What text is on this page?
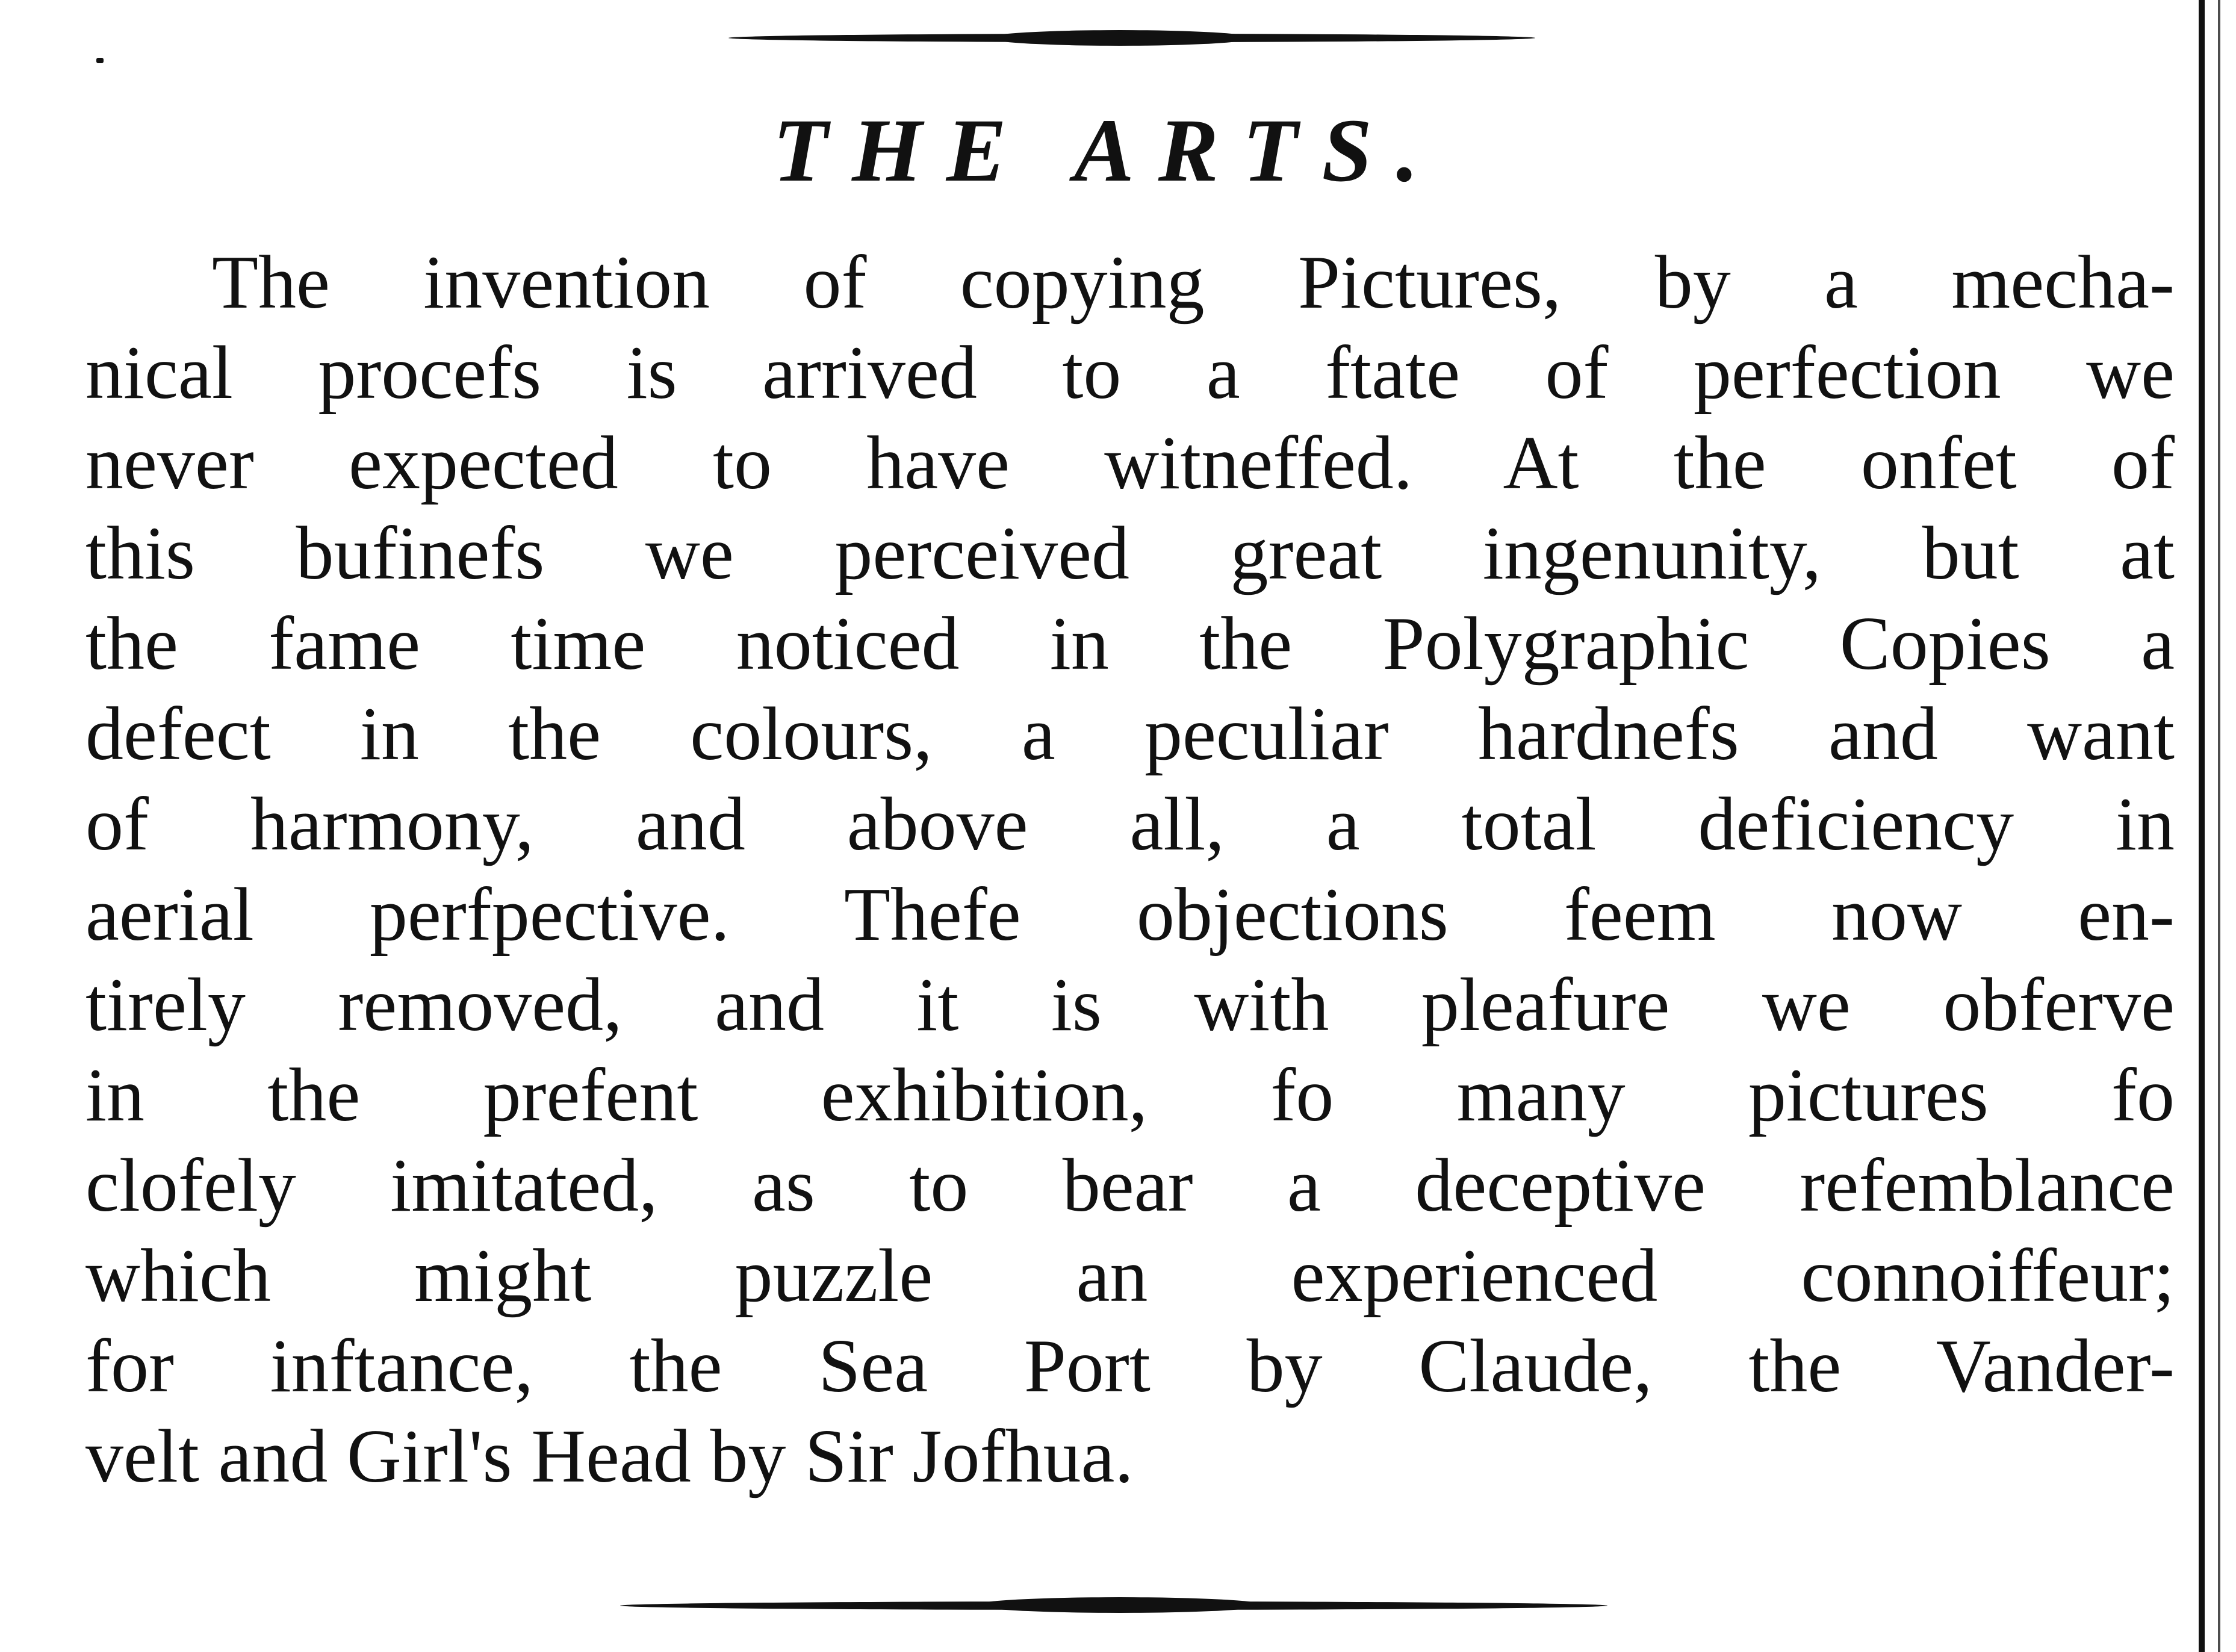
THE ARTS.
The invention of copying Pictures, by a mecha-
nical procefs is arrived to a ftate of perfection we
never expected to have witneffed. At the onfet of
this bufinefs we perceived great ingenunity, but at
the fame time noticed in the Polygraphic Copies a
defect in the colours, a peculiar hardnefs and want
of harmony, and above all, a total deficiency in
aerial perfpective. Thefe objections feem now en-
tirely removed, and it is with pleafure we obferve
in the prefent exhibition, fo many pictures fo
clofely imitated, as to bear a deceptive refemblance
which might puzzle an experienced connoiffeur;
for inftance, the Sea Port by Claude, the Vander-
velt and Girl's Head by Sir Jofhua.
